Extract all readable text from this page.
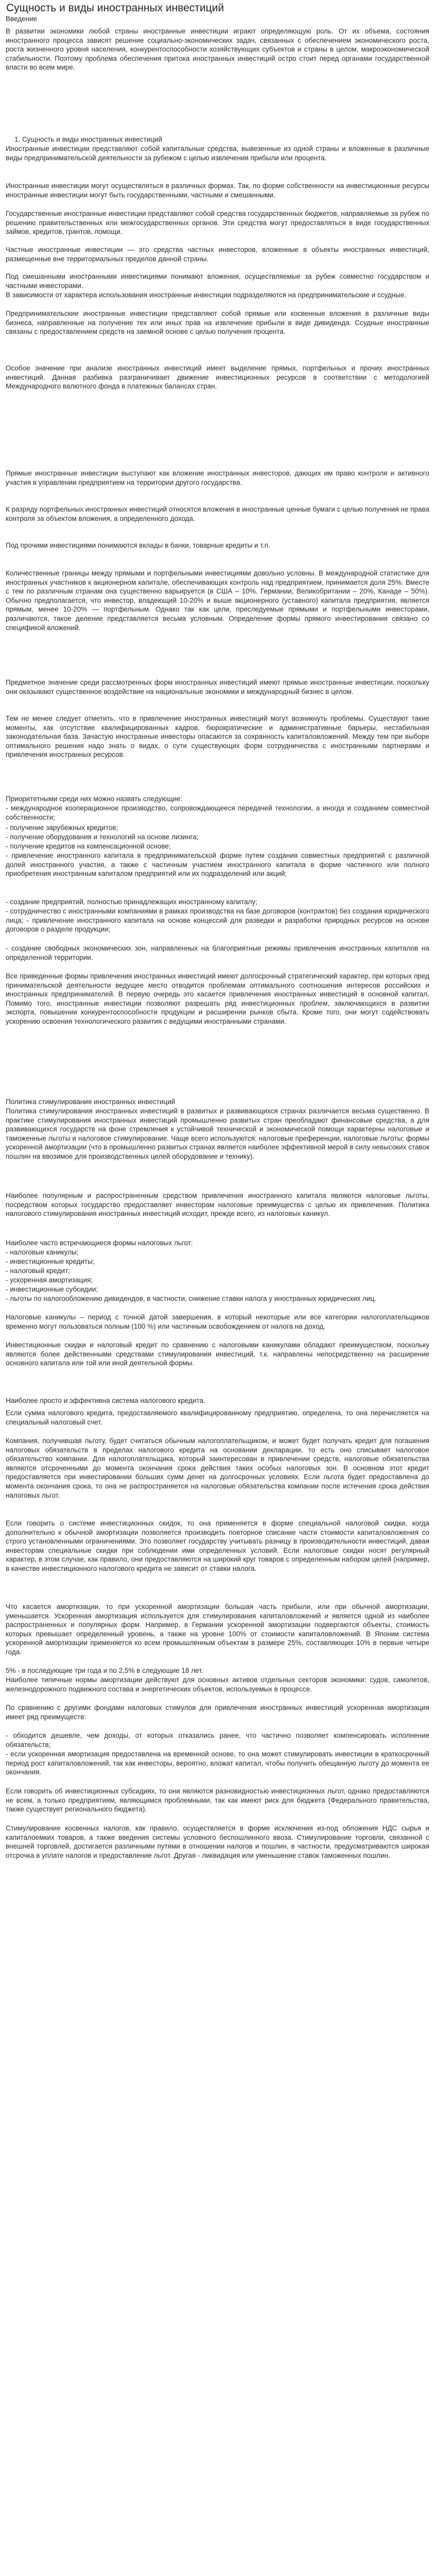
Сущность и виды иностранных инвестиций

Введение

В развитии экономики любой страны иностранные инвестиции играют определяющую роль. От их объема, состояния иностранного процесса зависят решение социально-экономических задач, связанных с обеспечением экономического роста, роста жизненного уровня населения, конкурентоспособности хозяйствующих субъектов и страны в целом, макроэкономической стабильности. Поэтому проблема обеспечения притока иностранных инвестиций остро стоит перед органами государственной власти во всем мире.

1. Сущность и виды иностранных инвестиций

Иностранные инвестиции представляют собой капитальные средства, вывезенные из одной страны и вложенные в различные виды предпринимательской деятельности за рубежом с целью извлечения прибыли или процента.

Иностранные инвестиции могут осуществляться в различных формах. Так, по форме собственности на инвестиционные ресурсы иностранные инвестиции могут быть государственными, частными и смешанными.

Государственные иностранные инвестиции представляют собой средства государственных бюджетов, направляемые за рубеж по решению правительственных или межгосударственных органов. Эти средства могут предоставляться в виде государственных займов, кредитов, грантов, помощи.

Частные иностранные инвестиции — это средства частных инвесторов, вложенные в объекты иностранных инвестиций, размещенные вне территориальных пределов данной страны.

Под смешанными иностранными инвестициями понимают вложения, осуществляемые за рубеж совместно государством и частными инвесторами.

В зависимости от характера использования иностранные инвестиции подразделяются на предпринимательские и ссудные.

Предпринимательские иностранные инвестиции представляют собой прямые или косвенные вложения в различные виды бизнеса, направленные на получение тех или иных прав на извлечение прибыли в виде дивиденда. Ссудные иностранные связаны с предоставлением средств на заемной основе с целью получения процента.

Особое значение при анализе иностранных инвестиций имеет выделение прямых, портфельных и прочих иностранных инвестиций. Данная разбивка разграничивает движение инвестиционных ресурсов в соответствии с методологией Международного валютного фонда в платежных балансах стран.

Прямые иностранные инвестиции выступают как вложение иностранных инвесторов, дающих им право контроля и активного участия в управлении предприятием на территории другого государства.

К разряду портфельных иностранных инвестиций относятся вложения в иностранные ценные бумаги с целью получения не права контроля за объектом вложения, а определенного дохода.

Под прочими инвестициями понимаются вклады в банки, товарные кредиты и т.п.

Количественные границы между прямыми и портфельными инвестициями довольно условны. В международной статистике для иностранных участников к акционерном капитале, обеспечивающих контроль над предприятием, принимается доля 25%. Вместе с тем по различным странам она существенно варьируется (в США – 10%. Германии, Великобритании – 20%, Канаде – 50%). Обычно предполагается, что инвестор, владеющий 10-20% и выше акционерного (уставного) капитала предприятия, является прямым, менее 10-20% — портфельным. Однако так как цели, преследуемые прямыми и портфельными инвесторами, различаются, такое деление представляется весьма условным. Определение формы прямого инвестирования связано со спецификой вложений.

Предметное значение среди рассмотренных форм иностранных инвестиций имеют прямые иностранные инвестиции, поскольку они оказывают существенное воздействие на национальные экономики и международный бизнес в целом.

Тем не менее следует отметить, что в привлечение иностранных инвестиций могут возникнуть проблемы. Существуют такие моменты, как отсутствие квалифицированных кадров, бюрократические и административные барьеры, нестабильная законодательная база. Зачастую иностранные инвесторы опасаются за сохранность капиталовложений. Между тем при выборе оптимального решения надо знать о видах, о сути существующих форм сотрудничества с иностранными партнерами и привлечения иностранных ресурсов.

Приоритетными среди них можно назвать следующие:

- международное кооперационное производство, сопровождающееся передачей технологии, а иногда и созданием совместной собственности;

- получение зарубежных кредитов;

- получение оборудования и технологий на основе лизинга;

- получение кредитов на компенсационной основе;

- привлечение иностранного капитала в предпринимательской форме путем создания совместных предприятий с различной долей иностранного участия, а также с частичным участием иностранного капитала в форме частичного или полного приобретения иностранным капиталом предприятий или их подразделений или акций;

- создание предприятий, полностью принадлежащих иностранному капиталу;

- сотрудничество с иностранными компаниями в рамках производства на базе договоров (контрактов) без создания юридического лица; - привлечение иностранного капитала на основе концессий для разведки и разработки природных ресурсов на основе договоров о разделе продукции;

- создание свободных экономических зон, направленных на благоприятные режимы привлечения иностранных капиталов на определенной территории.

Все приведенные формы привлечения иностранных инвестиций имеют долгосрочный стратегический характер, при которых пред принимательской деятельности ведущее место отводится проблемам оптимального соотношения интересов российских и иностранных предпринимателей. В первую очередь это касается привлечения иностранных инвестиций в основной капитал. Помимо того, иностранные инвестиции позволяют разрешать ряд инвестиционных проблем, заключающихся в развитии экспорта, повышении конкурентоспособности продукции и расширении рынков сбыта. Кроме того, они могут содействовать ускорению освоения технологического развития с ведущими иностранными странами.

Политика стимулирования иностранных инвестиций

Политика стимулирования иностранных инвестиций в развитых и развивающихся странах различается весьма существенно. В практике стимулирования иностранных инвестиций промышленно развитых стран преобладают финансовые средства, а для развивающихся государств на фоне стремления к устойчивой технической и экономической помощи характерны налоговые и таможенные льготы и налоговое стимулирование. Чаще всего используются: налоговые преференции, налоговые льготы; формы ускоренной амортизации (что в промышленно развитых странах является наиболее эффективной мерой в силу невысоких ставок пошлин на ввозимое для производственных целей оборудование и технику).

Наиболее популярным и распространенным средством привлечения иностранного капитала являются налоговые льготы, посредством которых государство предоставляет инвесторам налоговые преимущества с целью их привлечения. Политика налогового стимулирования иностранных инвестиций исходит, прежде всего, из налоговых каникул.

Наиболее часто встречающиеся формы налоговых льгот:

- налоговые каникулы;

- инвестиционные кредиты;

- налоговый кредит;

- ускоренная амортизация;

- инвестиционные субсидии;

- льготы по налогообложению дивидендов, в частности, снижение ставки налога у иностранных юридических лиц.

Налоговые каникулы – период с точной датой завершения, в который некоторые или все категории налогоплательщиков временно могут пользоваться полным (100 %) или частичным освобождением от налога на доход.

Инвестиционные скидки и налоговый кредит по сравнению с налоговыми каникулами обладают преимуществом, поскольку являются более действенными средствами стимулирования инвестиций, т.к. направлены непосредственно на расширение основного капитала или той или иной деятельной формы.

Наиболее просто и эффективна система налогового кредита.

Если сумма налогового кредита, предоставляемого квалифицированному предприятию, определена, то она перечисляется на специальный налоговый счет.

Компания, получившая льготу, будет считаться обычным налогоплательщиком, и может будет получать кредит для погашения налоговых обязательств в пределах налогового кредита на основании декларации, то есть оно списывает налоговое обязательство компании. Для налогоплательщика, который заинтересован в привлечении средств, налоговые обязательства являются отсроченными до момента окончания срока действия таких особых налоговых зон. В основном этот кредит предоставляется при инвестировании больших сумм денег на долгосрочных условиях. Если льгота будет предоставлена до момента окончания срока, то она не распространяется на налоговые обязательства компании после истечения срока действия налоговых льгот.

Если говорить о системе инвестиционных скидок, то она применяется в форме специальной налоговой скидки, когда дополнительно к обычной амортизации позволяется производить повторное списание части стоимости капиталовложения со строго установленными ограничениями. Это позволяет государству учитывать разницу в производительности инвестиций, давая инвесторам специальные скидки при соблюдении ими определенных условий. Если налоговые скидки носят регулярный характер, в этом случае, как правило, они предоставляются на широкий круг товаров с определенным набором целей (например, в качестве инвестиционного налогового кредита не зависит от ставки налога.

Что касается амортизации, то при ускоренной амортизации большая часть прибыли, или при обычной амортизации, уменьшается. Ускоренная амортизация используется для стимулирования капиталовложений и является одной из наиболее распространенных и популярных форм. Например, в Германии ускоренной амортизации подвергаются объекты, стоимость которых превышает определенный уровень, а также на уровне 100% от стоимости капиталовложений. В Японии система ускоренной амортизации применяется ко всем промышленным объектам в размере 25%, составляющих 10% в первые четыре года.

5% - в последующие три года и по 2,5% в следующие 18 лет.

Наиболее типичные нормы амортизации действуют для основных активов отдельных секторов экономики: судов, самолетов, железнодорожного подвижного состава и энергетических объектов, используемых в процессе.

По сравнению с другими фондами налоговых стимулов для привлечения иностранных инвестиций ускоренная амортизация имеет ряд преимуществ:

- обходится дешевле, чем доходы, от которых отказались ранее, что частично позволяет компенсировать исполнение обязательств;

- если ускоренная амортизация предоставлена на временной основе, то она может стимулировать инвестиции в краткосрочный период рост капиталовложений, так как инвесторы, вероятно, вложат капитал, чтобы получить обещанную льготу до момента ее окончания.

Если говорить об инвестиционных субсидиях, то они являются разновидностью инвестиционных льгот, однако предоставляются не всем, а только предприятиям, являющимся проблемными, так как имеют риск для бюджета (Федерального правительства, также существует регионального бюджета).

Стимулирование косвенных налогов, как правило, осуществляется в форме исключения из-под обложения НДС сырья и капиталоемких товаров, а также введения системы условного беспошлинного ввоза. Стимулирование торговли, связанной с внешней торговлей, достигается различными путями в отношении налогов и пошлин, в частности, предусматриваются широкая отсрочка в уплате налогов и предоставление льгот. Другая - ликвидация или уменьшение ставок таможенных пошлин.
